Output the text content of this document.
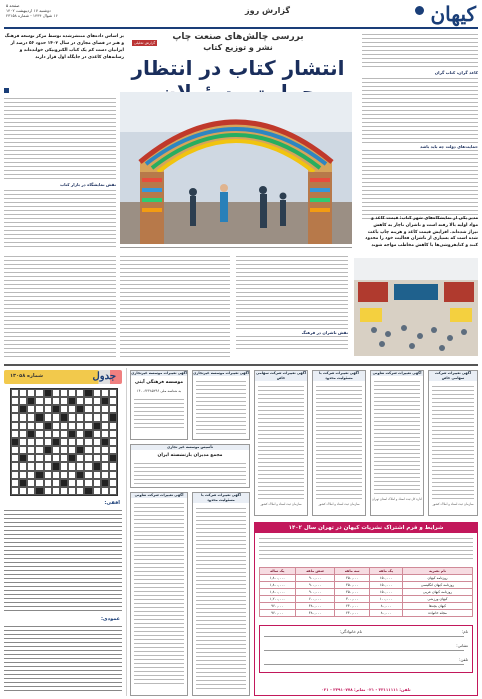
کیهان
گزارش روز
صفحه ۵
دوشنبه ۱۷ اردیبهشت ۱۴۰۲
۱۶ شوال ۱۴۴۴ - شماره ۲۳۱۵۸
کاغذ گران، کتاب گران
حمایت‌های دولت چه باید باشد
مدیر یکی از نمایشگاه‌های شهر کتاب: قیمت کاغذ و مواد اولیه بالا رفته است و ناشران ناچار به کاهش تیراژ شده‌اند. افزایش قیمت کاغذ و هزینه چاپ باعث شده است که بسیاری از ناشران فعالیت خود را محدود کنند و کتابفروشی‌ها با کاهش مخاطب مواجه شوند
بررسی چالش‌های صنعت چاپ
نشر و توزیع کتاب
گزارش تحلیلی
انتشار کتاب در انتظار
بر اساس داده‌های منتشرشده توسط مرکز توسعه فرهنگ و هنر در فضای مجازی در سال ۱۴۰۲ حدود ۵۶ درصد از ایرانیان دست کم یک کتاب الکترونیکی خوانده‌اند و رسانه‌های کاغذی در جایگاه اول قرار دارند
نقش نمایشگاه در بازار کتاب
نقش ناشران در فرهنگ
جدول
شماره ۱۳۰۵۸
افقی:
عمودی:
آگهی تغییرات موسسه غیرتجاری
موسسه فرهنگی آیتی
به شناسه ملی ۱۴۰۰۶۲۴۸۵۲۹۶
تأسیس موسسه غیر تجاری
مجمع مدیران بازنشسته ایران
آگهی تغییرات موسسه غیرتجاری
آگهی تغییرات شرکت تعاونی	آگهی تغییرات شرکت با مسئولیت محدود
آگهی تغییرات شرکت سهامی خاص
سازمان ثبت اسناد و املاک کشور
آگهی تغییرات شرکت با مسئولیت محدود
سازمان ثبت اسناد و املاک کشور
آگهی تغییرات شرکت تعاونی
اداره کل ثبت اسناد و املاک استان تهران
آگهی تغییرات شرکت سهامی خاص
سازمان ثبت اسناد و املاک کشور
شرایط و فرم اشتراک نشریات کیهان در تهران سال ۱۴۰۲
نام نشریه	یک ماهه	سه ماهه	شش ماهه	یک ساله
روزنامه کیهان	۱۵۰,۰۰۰	۴۵۰,۰۰۰	۹۰۰,۰۰۰	۱,۸۰۰,۰۰۰
روزنامه کیهان انگلیسی	۱۵۰,۰۰۰	۴۵۰,۰۰۰	۹۰۰,۰۰۰	۱,۸۰۰,۰۰۰
روزنامه کیهان عربی	۱۵۰,۰۰۰	۴۵۰,۰۰۰	۹۰۰,۰۰۰	۱,۸۰۰,۰۰۰
کیهان ورزشی	۱۰۰,۰۰۰	۳۰۰,۰۰۰	۶۰۰,۰۰۰	۱,۲۰۰,۰۰۰
کیهان بچه‌ها	۸۰,۰۰۰	۲۴۰,۰۰۰	۴۸۰,۰۰۰	۹۶۰,۰۰۰
مجله خانواده	۸۰,۰۰۰	۲۴۰,۰۰۰	۴۸۰,۰۰۰	۹۶۰,۰۰۰
نام:
نام خانوادگی:
نشانی:
تلفن:
تلفن: ۳۳۱۱۱۱۱۱ - ۰۲۱ نمابر: ۳۳۹۱۰۷۷۸ - ۰۲۱
